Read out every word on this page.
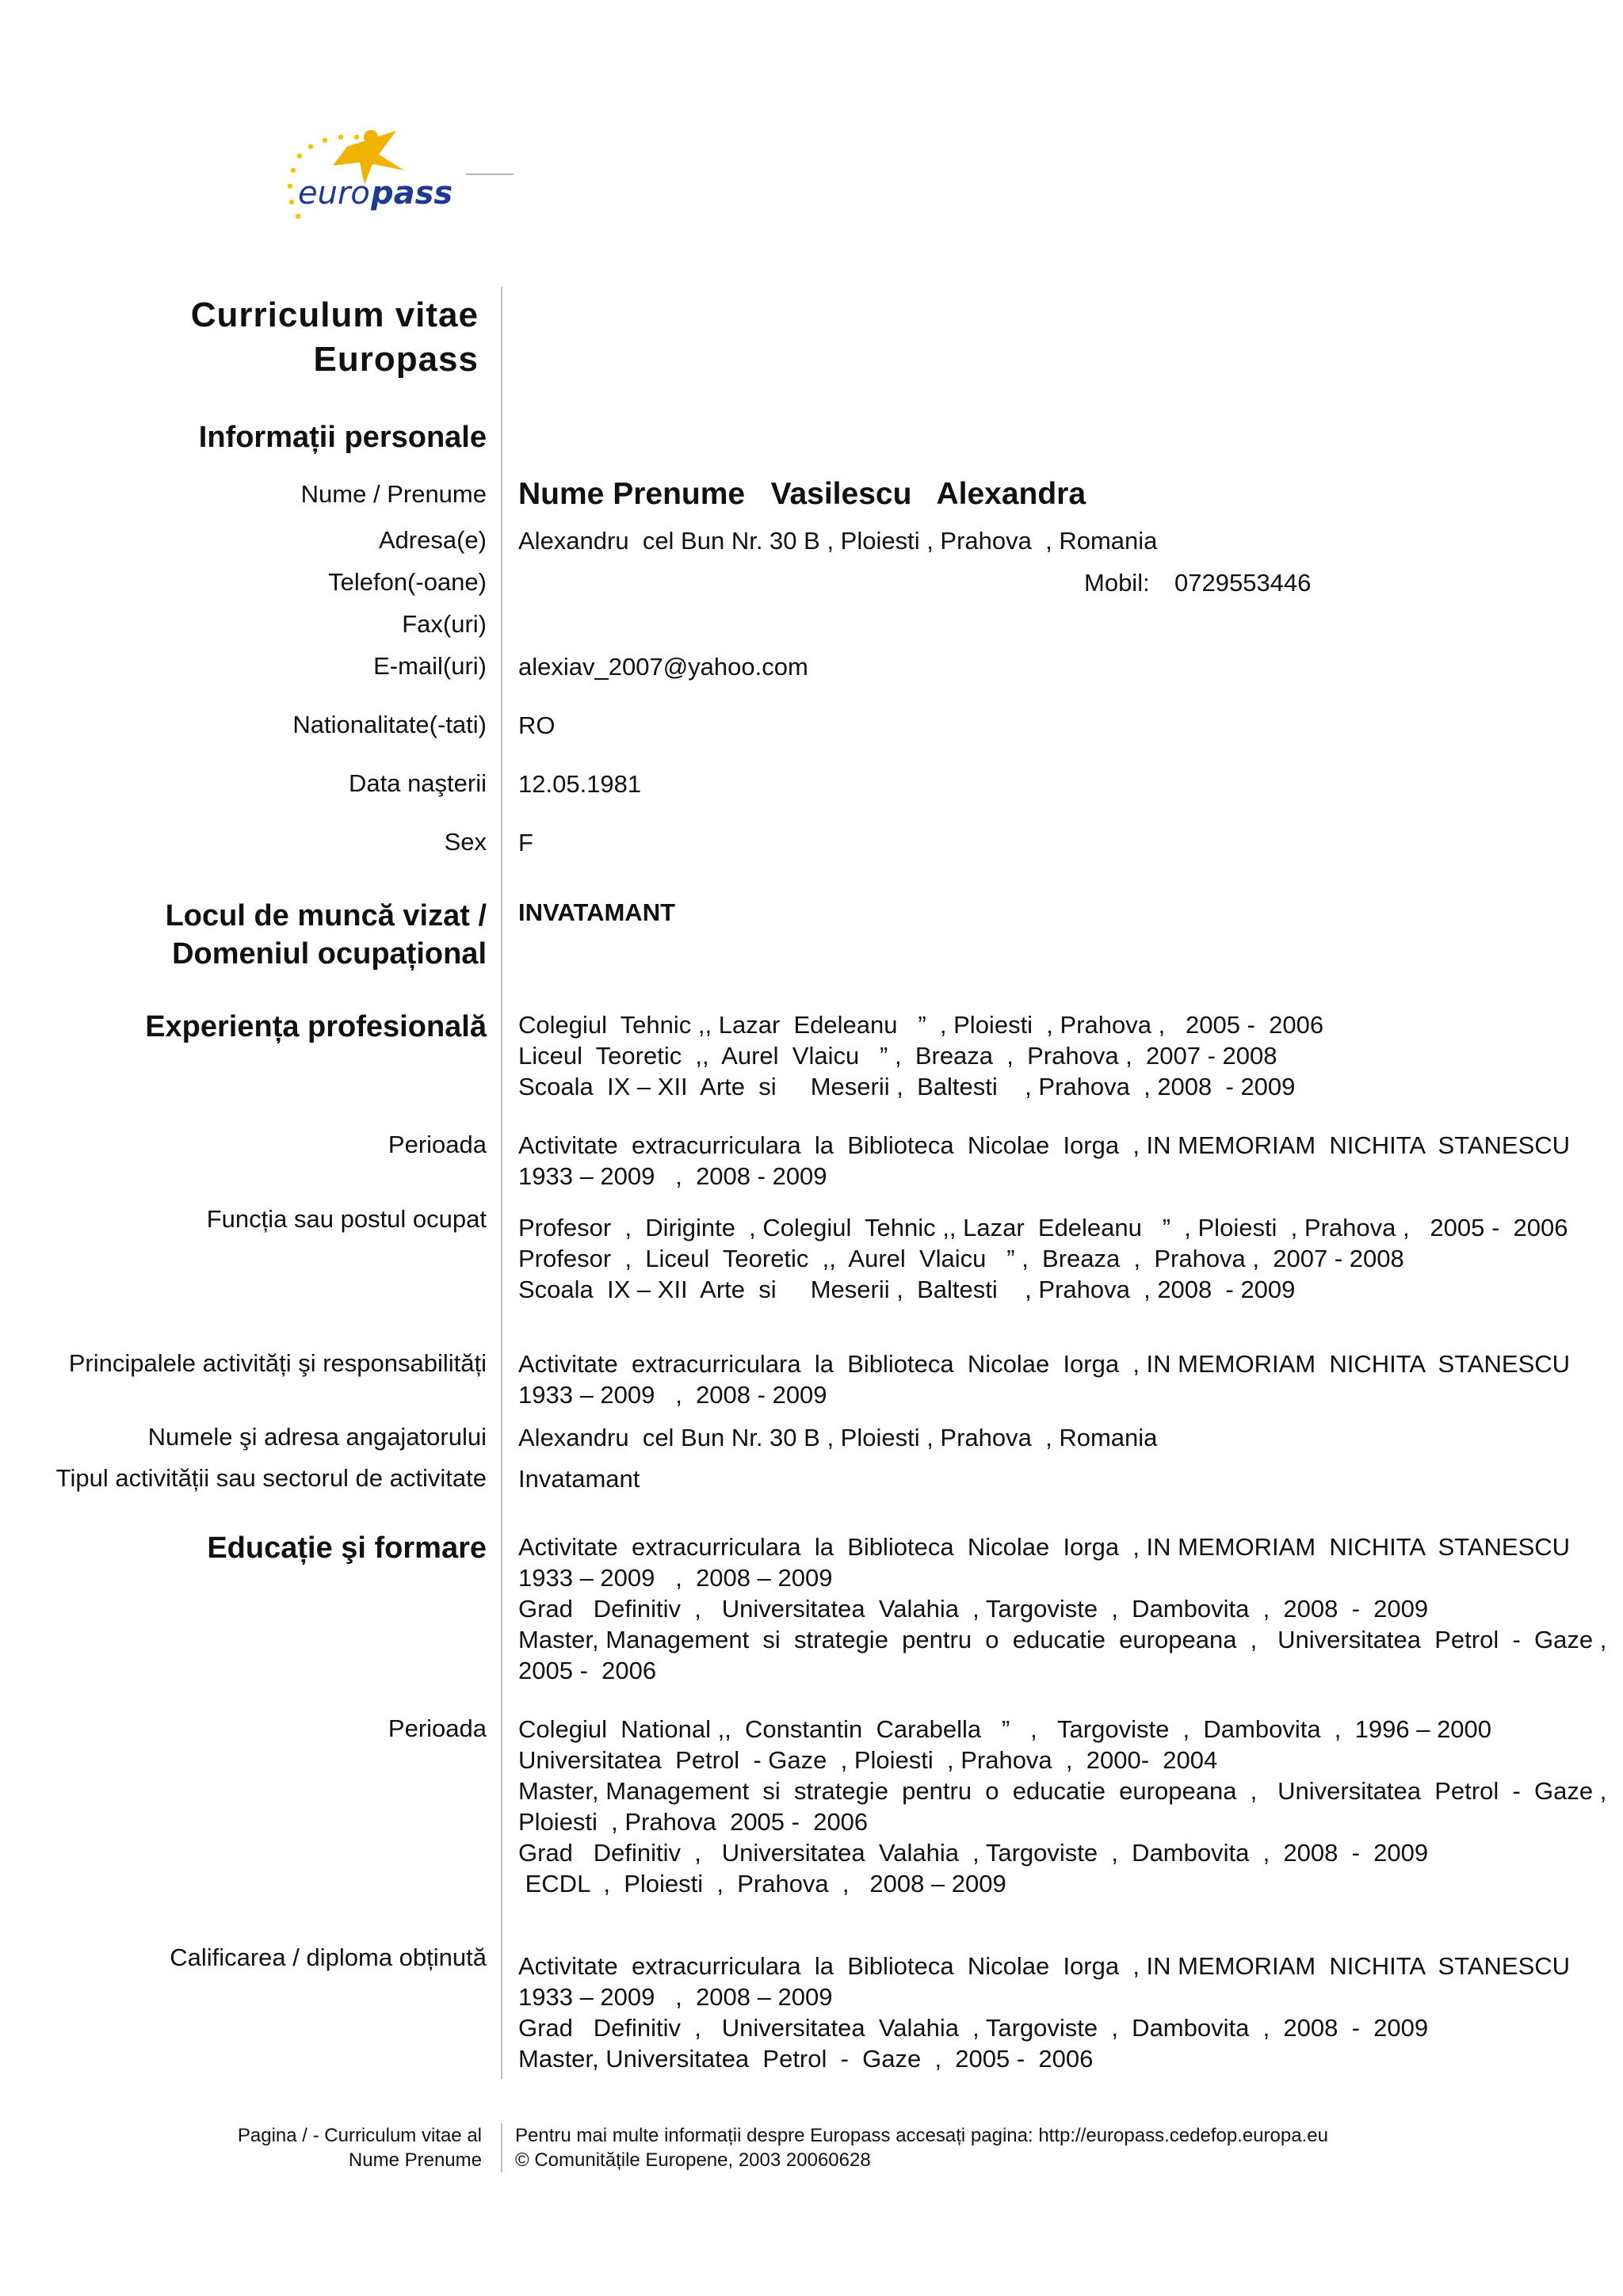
euro pass
Curriculum vitae
Europass
Informații personale
Nume / Prenume Nume Prenume   Vasilescu   Alexandra
Adresa(e) Alexandru  cel Bun Nr. 30 B , Ploiesti , Prahova  , Romania
Telefon(-oane)	Mobil: 0729553446
Fax(uri)
E-mail(uri) alexiav_2007@yahoo.com
Nationalitate(-tati) RO
Data naşterii 12.05.1981
Sex F
Locul de muncă vizat /
Domeniul ocupațional
INVATAMANT
Experiența profesională Colegiul  Tehnic ,, Lazar  Edeleanu   ”  , Ploiesti  , Prahova ,   2005 -  2006
Liceul  Teoretic  ,,  Aurel  Vlaicu   ” ,  Breaza  ,  Prahova ,  2007 - 2008
Scoala  IX – XII  Arte  si     Meserii ,  Baltesti    , Prahova  , 2008  - 2009
Perioada Activitate  extracurriculara  la  Biblioteca  Nicolae  Iorga  , IN MEMORIAM  NICHITA  STANESCU
1933 – 2009   ,  2008 - 2009
Funcția sau postul ocupat Profesor  ,  Diriginte  , Colegiul  Tehnic ,, Lazar  Edeleanu   ”  , Ploiesti  , Prahova ,   2005 -  2006
Profesor  ,  Liceul  Teoretic  ,,  Aurel  Vlaicu   ” ,  Breaza  ,  Prahova ,  2007 - 2008
Scoala  IX – XII  Arte  si     Meserii ,  Baltesti    , Prahova  , 2008  - 2009
Principalele activități şi responsabilități Activitate  extracurriculara  la  Biblioteca  Nicolae  Iorga  , IN MEMORIAM  NICHITA  STANESCU
1933 – 2009   ,  2008 - 2009
Numele şi adresa angajatorului Alexandru  cel Bun Nr. 30 B , Ploiesti , Prahova  , Romania
Tipul activității sau sectorul de activitate Invatamant
Educație şi formare Activitate  extracurriculara  la  Biblioteca  Nicolae  Iorga  , IN MEMORIAM  NICHITA  STANESCU
1933 – 2009   ,  2008 – 2009
Grad   Definitiv  ,   Universitatea  Valahia  , Targoviste  ,  Dambovita  ,  2008  -  2009
Master, Management  si  strategie  pentru  o  educatie  europeana  ,   Universitatea  Petrol  -  Gaze ,
2005 -  2006
Perioada Colegiul  National ,,  Constantin  Carabella   ”   ,   Targoviste  ,  Dambovita  ,  1996 – 2000
Universitatea  Petrol  - Gaze  , Ploiesti  , Prahova  ,  2000-  2004
Master, Management  si  strategie  pentru  o  educatie  europeana  ,   Universitatea  Petrol  -  Gaze ,
Ploiesti  , Prahova  2005 -  2006
Grad   Definitiv  ,   Universitatea  Valahia  , Targoviste  ,  Dambovita  ,  2008  -  2009
ECDL  ,  Ploiesti  ,  Prahova  ,   2008 – 2009
Calificarea / diploma obținută Activitate  extracurriculara  la  Biblioteca  Nicolae  Iorga  , IN MEMORIAM  NICHITA  STANESCU
1933 – 2009   ,  2008 – 2009
Grad   Definitiv  ,   Universitatea  Valahia  , Targoviste  ,  Dambovita  ,  2008  -  2009
Master, Universitatea  Petrol  -  Gaze  ,  2005 -  2006
Pagina / - Curriculum vitae al
Nume Prenume
Pentru mai multe informații despre Europass accesați pagina: http://europass.cedefop.europa.eu
© Comunitățile Europene, 2003 20060628
